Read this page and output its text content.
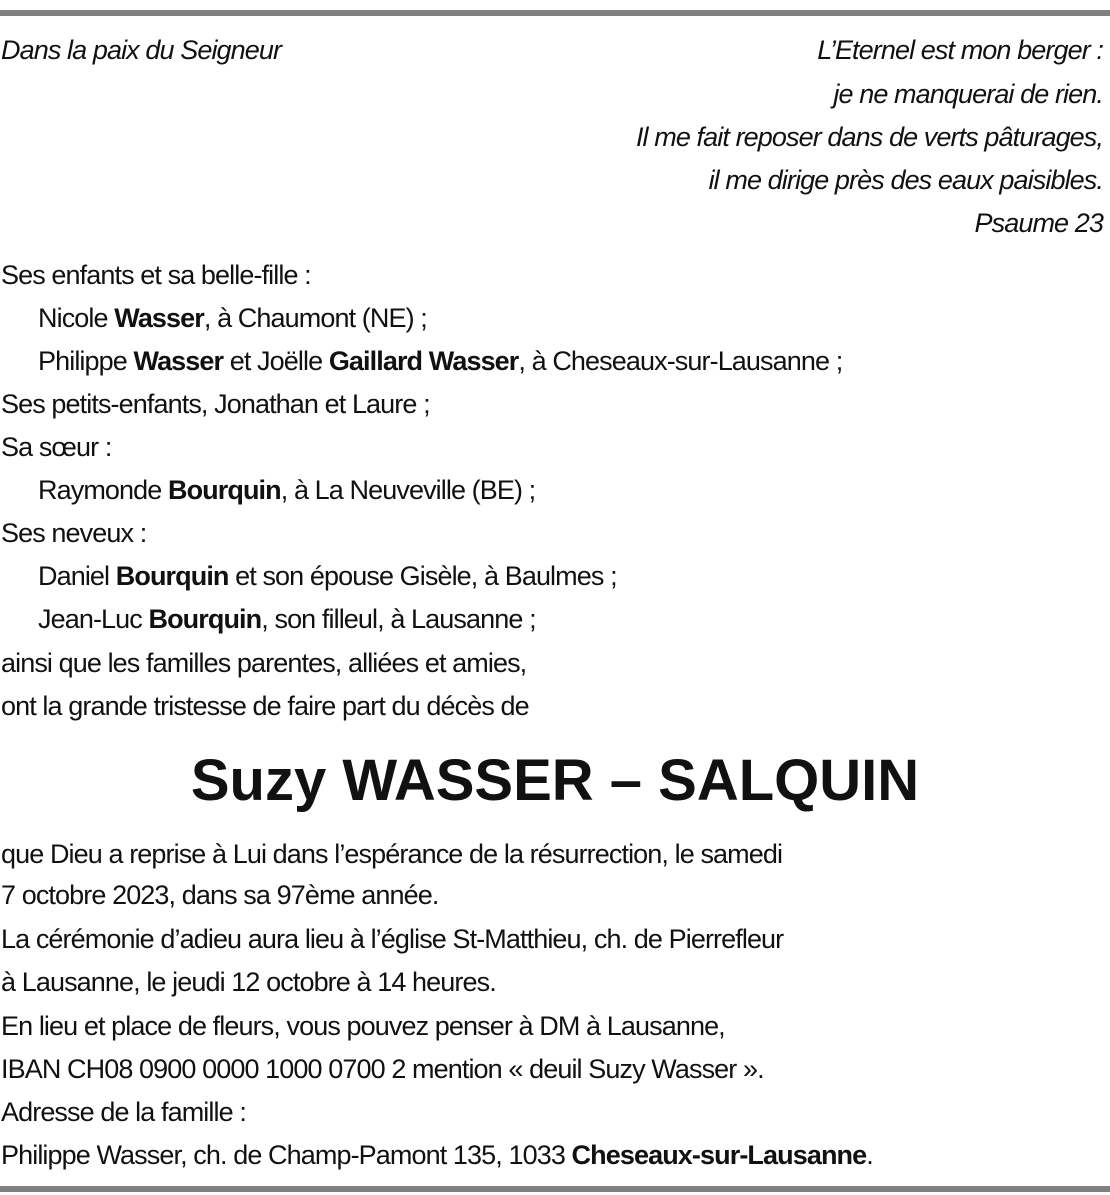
Dans la paix du Seigneur	L’Eternel est mon berger :
je ne manquerai de rien.
Il me fait reposer dans de verts pâturages,
il me dirige près des eaux paisibles.
Psaume 23
Ses enfants et sa belle-fille :
Nicole Wasser, à Chaumont (NE) ;
Philippe Wasser et Joëlle Gaillard Wasser, à Cheseaux-sur-Lausanne ;
Ses petits-enfants, Jonathan et Laure ;
Sa sœur :
Raymonde Bourquin, à La Neuveville (BE) ;
Ses neveux :
Daniel Bourquin et son épouse Gisèle, à Baulmes ;
Jean-Luc Bourquin, son filleul, à Lausanne ;
ainsi que les familles parentes, alliées et amies,
ont la grande tristesse de faire part du décès de
Suzy WASSER – SALQUIN
que Dieu a reprise à Lui dans l’espérance de la résurrection, le samedi
7 octobre 2023, dans sa 97ème année.
La cérémonie d’adieu aura lieu à l’église St-Matthieu, ch. de Pierrefleur
à Lausanne, le jeudi 12 octobre à 14 heures.
En lieu et place de fleurs, vous pouvez penser à DM à Lausanne,
IBAN CH08 0900 0000 1000 0700 2 mention « deuil Suzy Wasser ».
Adresse de la famille :
Philippe Wasser, ch. de Champ-Pamont 135, 1033 Cheseaux-sur-Lausanne.
